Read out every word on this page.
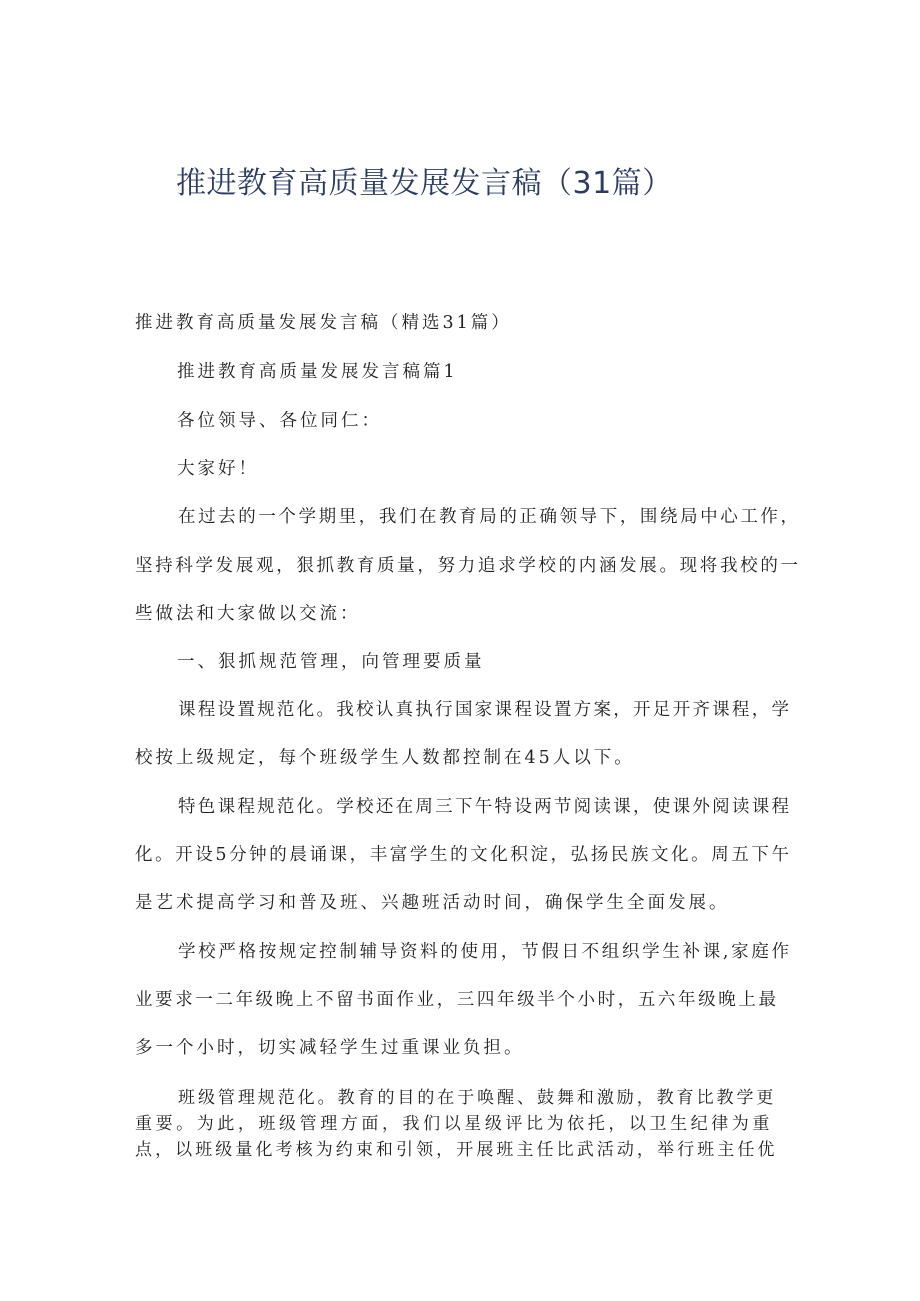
推进教育高质量发展发言稿（31篇）
推进教育高质量发展发言稿（精选31篇）
推进教育高质量发展发言稿篇1
各位领导、各位同仁：
大家好！
在过去的一个学期里，我们在教育局的正确领导下，围绕局中心工作，
坚持科学发展观，狠抓教育质量，努力追求学校的内涵发展。现将我校的一
些做法和大家做以交流：
一、狠抓规范管理，向管理要质量
课程设置规范化。我校认真执行国家课程设置方案，开足开齐课程，学
校按上级规定，每个班级学生人数都控制在45人以下。
特色课程规范化。学校还在周三下午特设两节阅读课，使课外阅读课程
化。开设5分钟的晨诵课，丰富学生的文化积淀，弘扬民族文化。周五下午
是艺术提高学习和普及班、兴趣班活动时间，确保学生全面发展。
学校严格按规定控制辅导资料的使用，节假日不组织学生补课,家庭作
业要求一二年级晚上不留书面作业，三四年级半个小时，五六年级晚上最
多一个小时，切实减轻学生过重课业负担。
班级管理规范化。教育的目的在于唤醒、鼓舞和激励，教育比教学更
重要。为此，班级管理方面，我们以星级评比为依托，以卫生纪律为重
点，以班级量化考核为约束和引领，开展班主任比武活动，举行班主任优
